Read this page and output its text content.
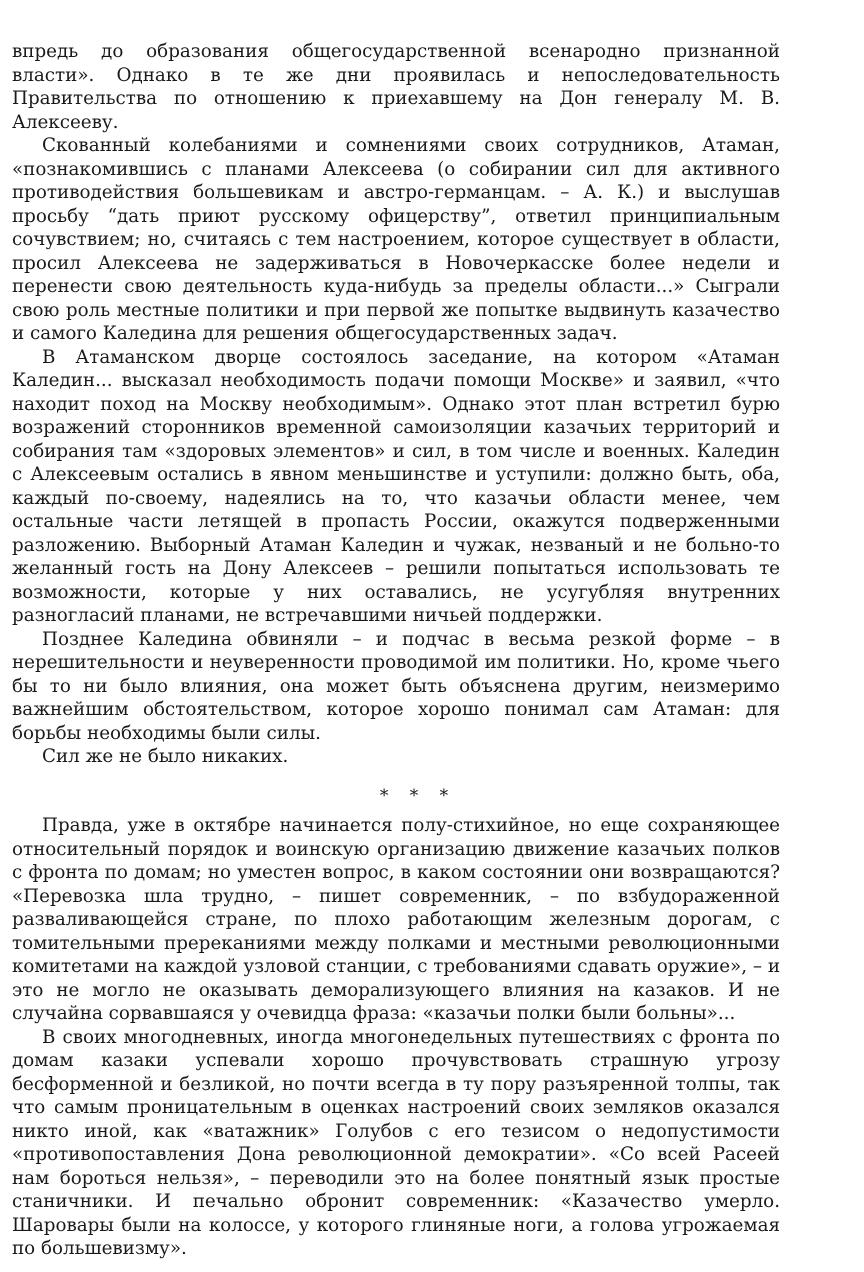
впредь до образования общегосударственной всенародно признанной власти». Однако в те же дни проявилась и непоследовательность Правительства по отношению к приехавшему на Дон генералу М. В. Алексееву.

Скованный колебаниями и сомнениями своих сотрудников, Атаман, «познакомившись с планами Алексеева (о собирании сил для активного противодействия большевикам и австро-германцам. – А. К.) и выслушав просьбу “дать приют русскому офицерству”, ответил принципиальным сочувствием; но, считаясь с тем настроением, которое существует в области, просил Алексеева не задерживаться в Новочеркасске более недели и перенести свою деятельность куда-нибудь за пределы области...» Сыграли свою роль местные политики и при первой же попытке выдвинуть казачество и самого Каледина для решения общегосударственных задач.

В Атаманском дворце состоялось заседание, на котором «Атаман Каледин... высказал необходимость подачи помощи Москве» и заявил, «что находит поход на Москву необходимым». Однако этот план встретил бурю возражений сторонников временной самоизоляции казачьих территорий и собирания там «здоровых элементов» и сил, в том числе и военных. Каледин с Алексеевым остались в явном меньшинстве и уступили: должно быть, оба, каждый по-своему, надеялись на то, что казачьи области менее, чем остальные части летящей в пропасть России, окажутся подверженными разложению. Выборный Атаман Каледин и чужак, незваный и не больно-то желанный гость на Дону Алексеев – решили попытаться использовать те возможности, которые у них оставались, не усугубляя внутренних разногласий планами, не встречавшими ничьей поддержки.

Позднее Каледина обвиняли – и подчас в весьма резкой форме – в нерешительности и неуверенности проводимой им политики. Но, кроме чьего бы то ни было влияния, она может быть объяснена другим, неизмеримо важнейшим обстоятельством, которое хорошо понимал сам Атаман: для борьбы необходимы были силы.

Сил же не было никаких.

* * *

Правда, уже в октябре начинается полу-стихийное, но еще сохраняющее относительный порядок и воинскую организацию движение казачьих полков с фронта по домам; но уместен вопрос, в каком состоянии они возвращаются? «Перевозка шла трудно, – пишет современник, – по взбудораженной разваливающейся стране, по плохо работающим железным дорогам, с томительными пререканиями между полками и местными революционными комитетами на каждой узловой станции, с требованиями сдавать оружие», – и это не могло не оказывать деморализующего влияния на казаков. И не случайна сорвавшаяся у очевидца фраза: «казачьи полки были больны»...

В своих многодневных, иногда многонедельных путешествиях с фронта по домам казаки успевали хорошо прочувствовать страшную угрозу бесформенной и безликой, но почти всегда в ту пору разъяренной толпы, так что самым проницательным в оценках настроений своих земляков оказался никто иной, как «ватажник» Голубов с его тезисом о недопустимости «противопоставления Дона революционной демократии». «Со всей Расеей нам бороться нельзя», – переводили это на более понятный язык простые станичники. И печально обронит современник: «Казачество умерло. Шаровары были на колоссе, у которого глиняные ноги, а голова угрожаемая по большевизму».
